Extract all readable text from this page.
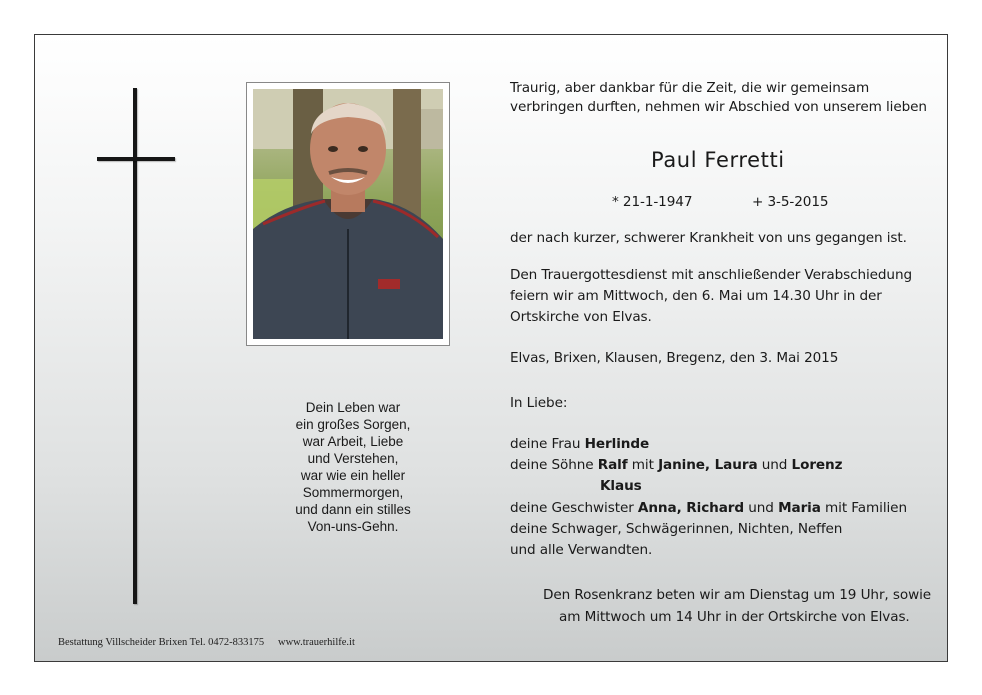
Dein Leben war
ein großes Sorgen,
war Arbeit, Liebe
und Verstehen,
war wie ein heller
Sommermorgen,
und dann ein stilles
Von-uns-Gehn.
Traurig, aber dankbar für die Zeit, die wir gemeinsam
verbringen durften, nehmen wir Abschied von unserem lieben
Paul Ferretti
* 21-1-1947	+ 3-5-2015
der nach kurzer, schwerer Krankheit von uns gegangen ist.
Den Trauergottesdienst mit anschließender Verabschiedung
feiern wir am Mittwoch, den 6. Mai um 14.30 Uhr in der
Ortskirche von Elvas.
Elvas, Brixen, Klausen, Bregenz, den 3. Mai 2015
In Liebe:
deine Frau Herlinde
deine Söhne Ralf mit Janine, Laura und Lorenz
Klaus
deine Geschwister Anna, Richard und Maria mit Familien
deine Schwager, Schwägerinnen, Nichten, Neffen
und alle Verwandten.
Den Rosenkranz beten wir am Dienstag um 19 Uhr, sowie
am Mittwoch um 14 Uhr in der Ortskirche von Elvas.
Bestattung Villscheider Brixen Tel. 0472-833175 www.trauerhilfe.it
